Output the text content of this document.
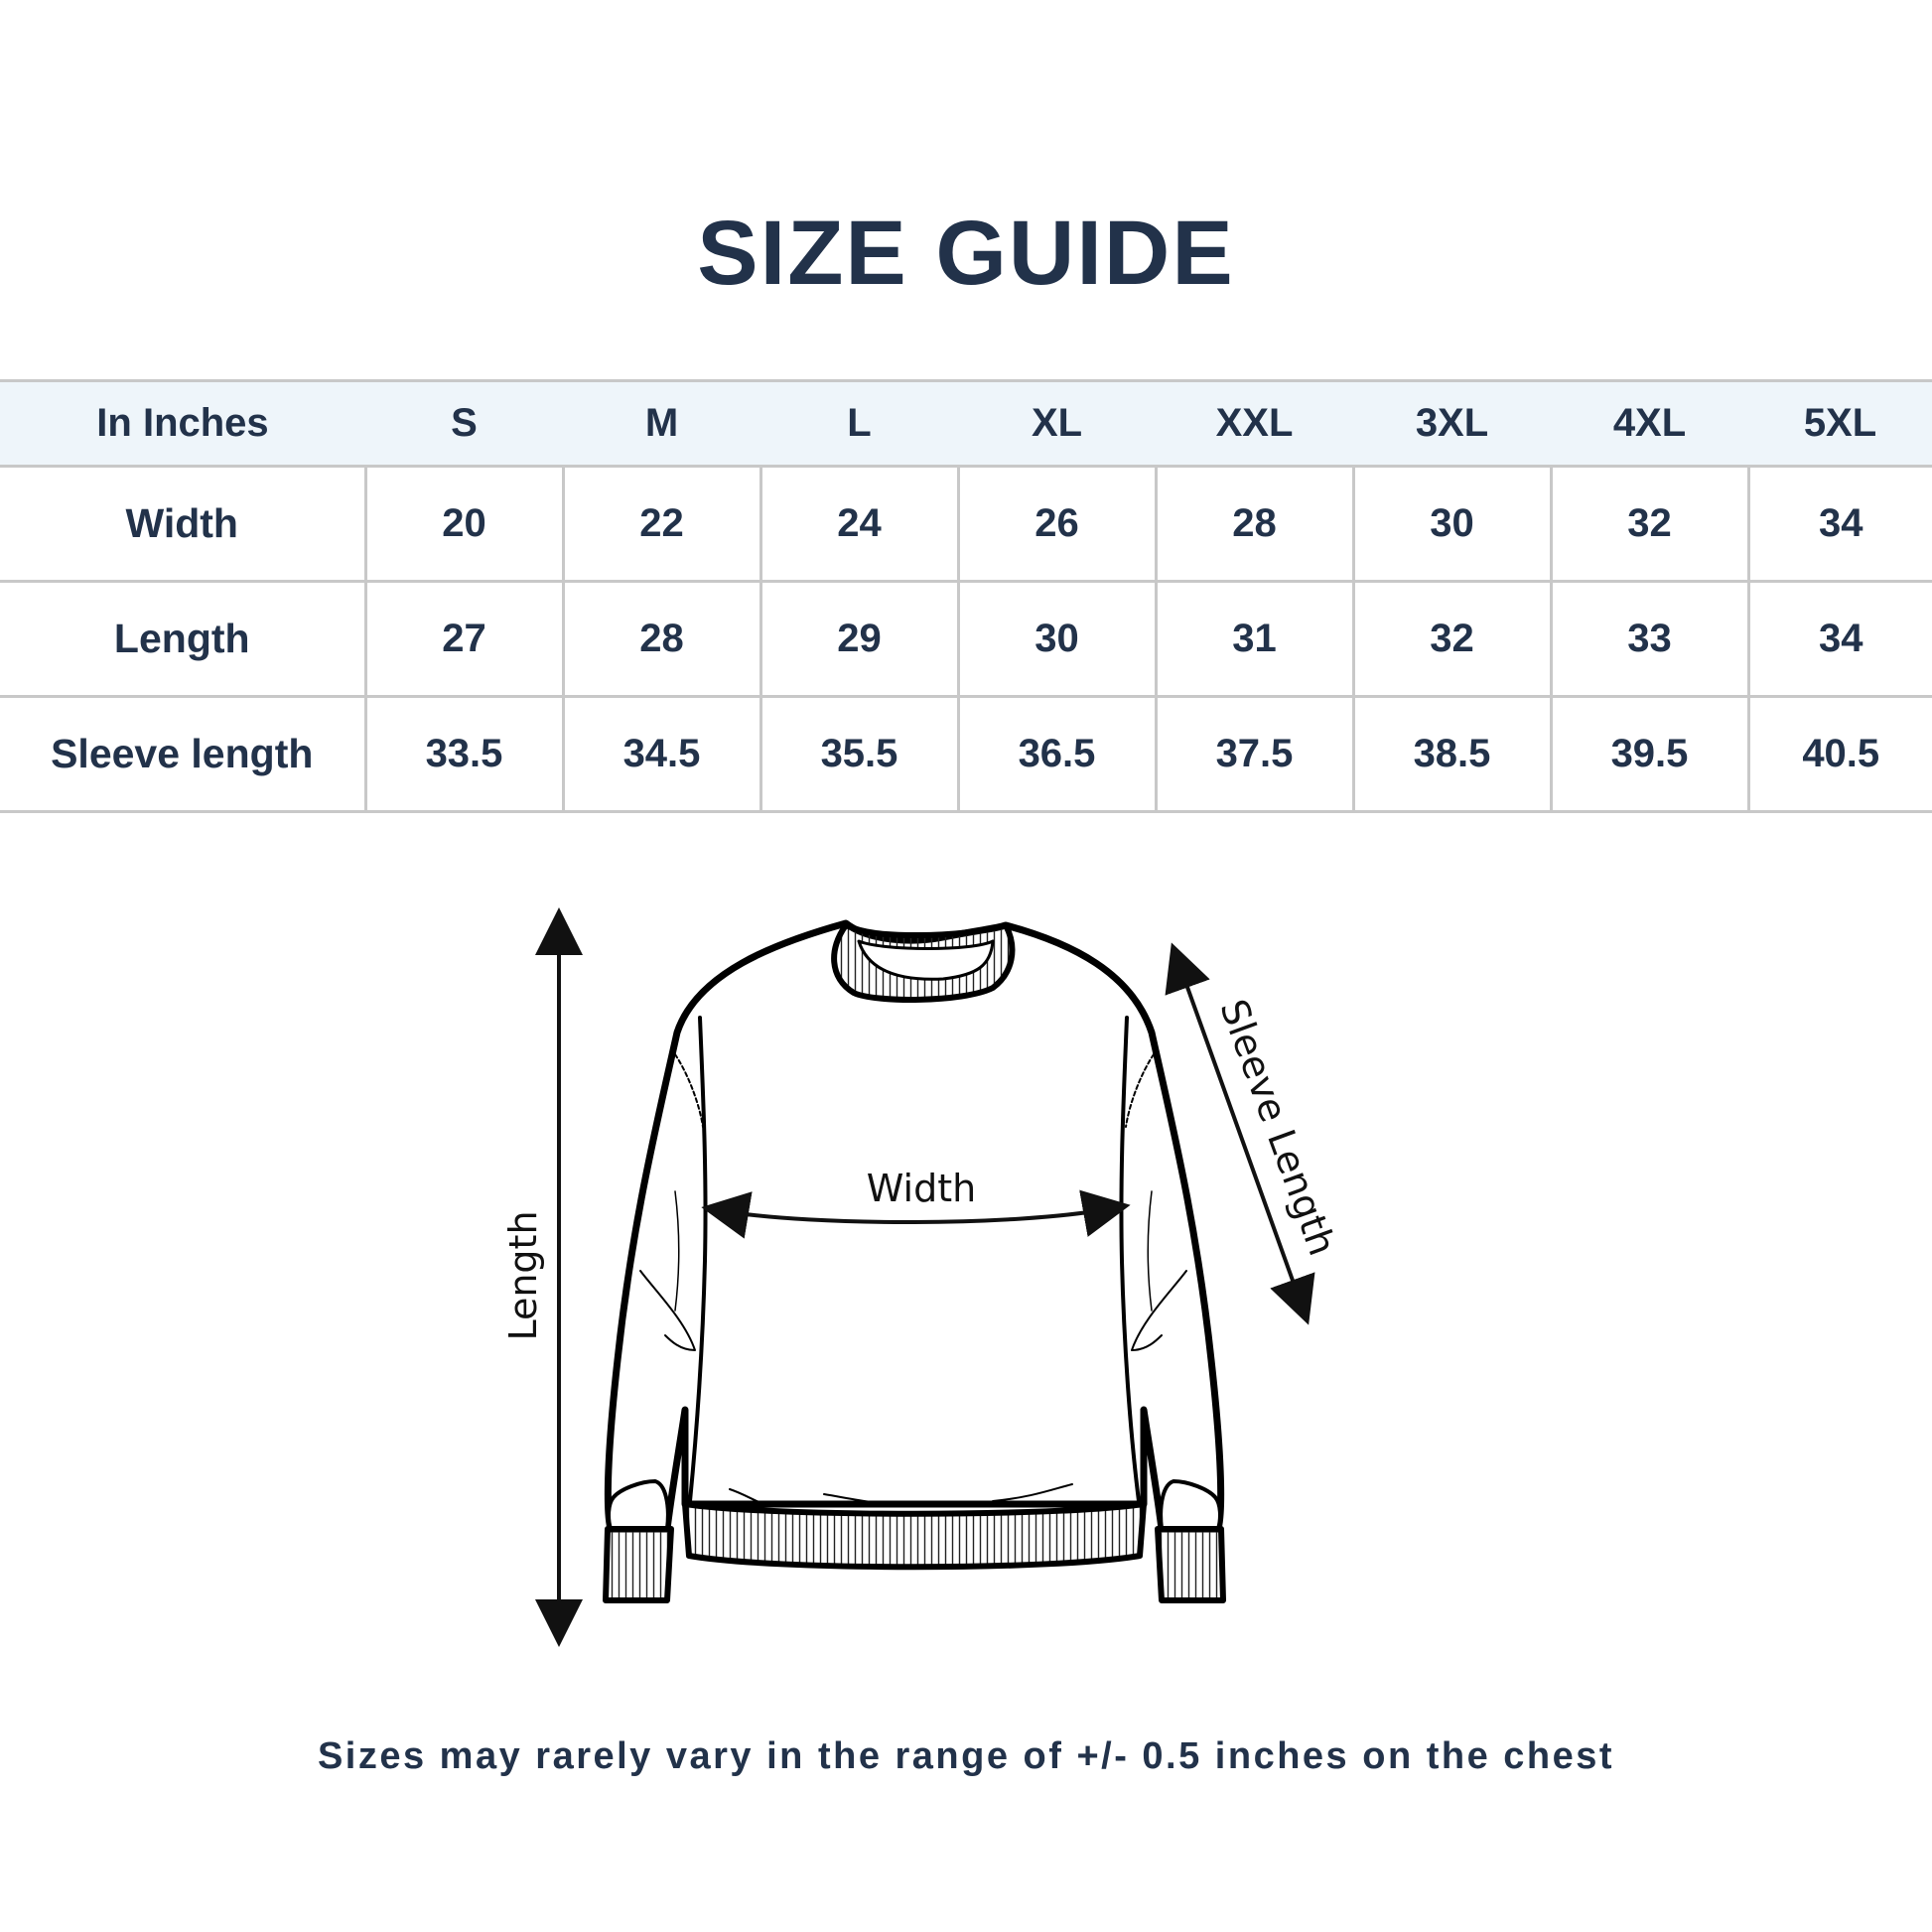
SIZE GUIDE
In Inches	S	M	L	XL	XXL	3XL	4XL	5XL
Width	20	22	24	26	28	30	32	34
Length	27	28	29	30	31	32	33	34
Sleeve length	33.5	34.5	35.5	36.5	37.5	38.5	39.5	40.5
Width
Length
Sleeve Length

Sizes may rarely vary in the range of +/- 0.5 inches on the chest
